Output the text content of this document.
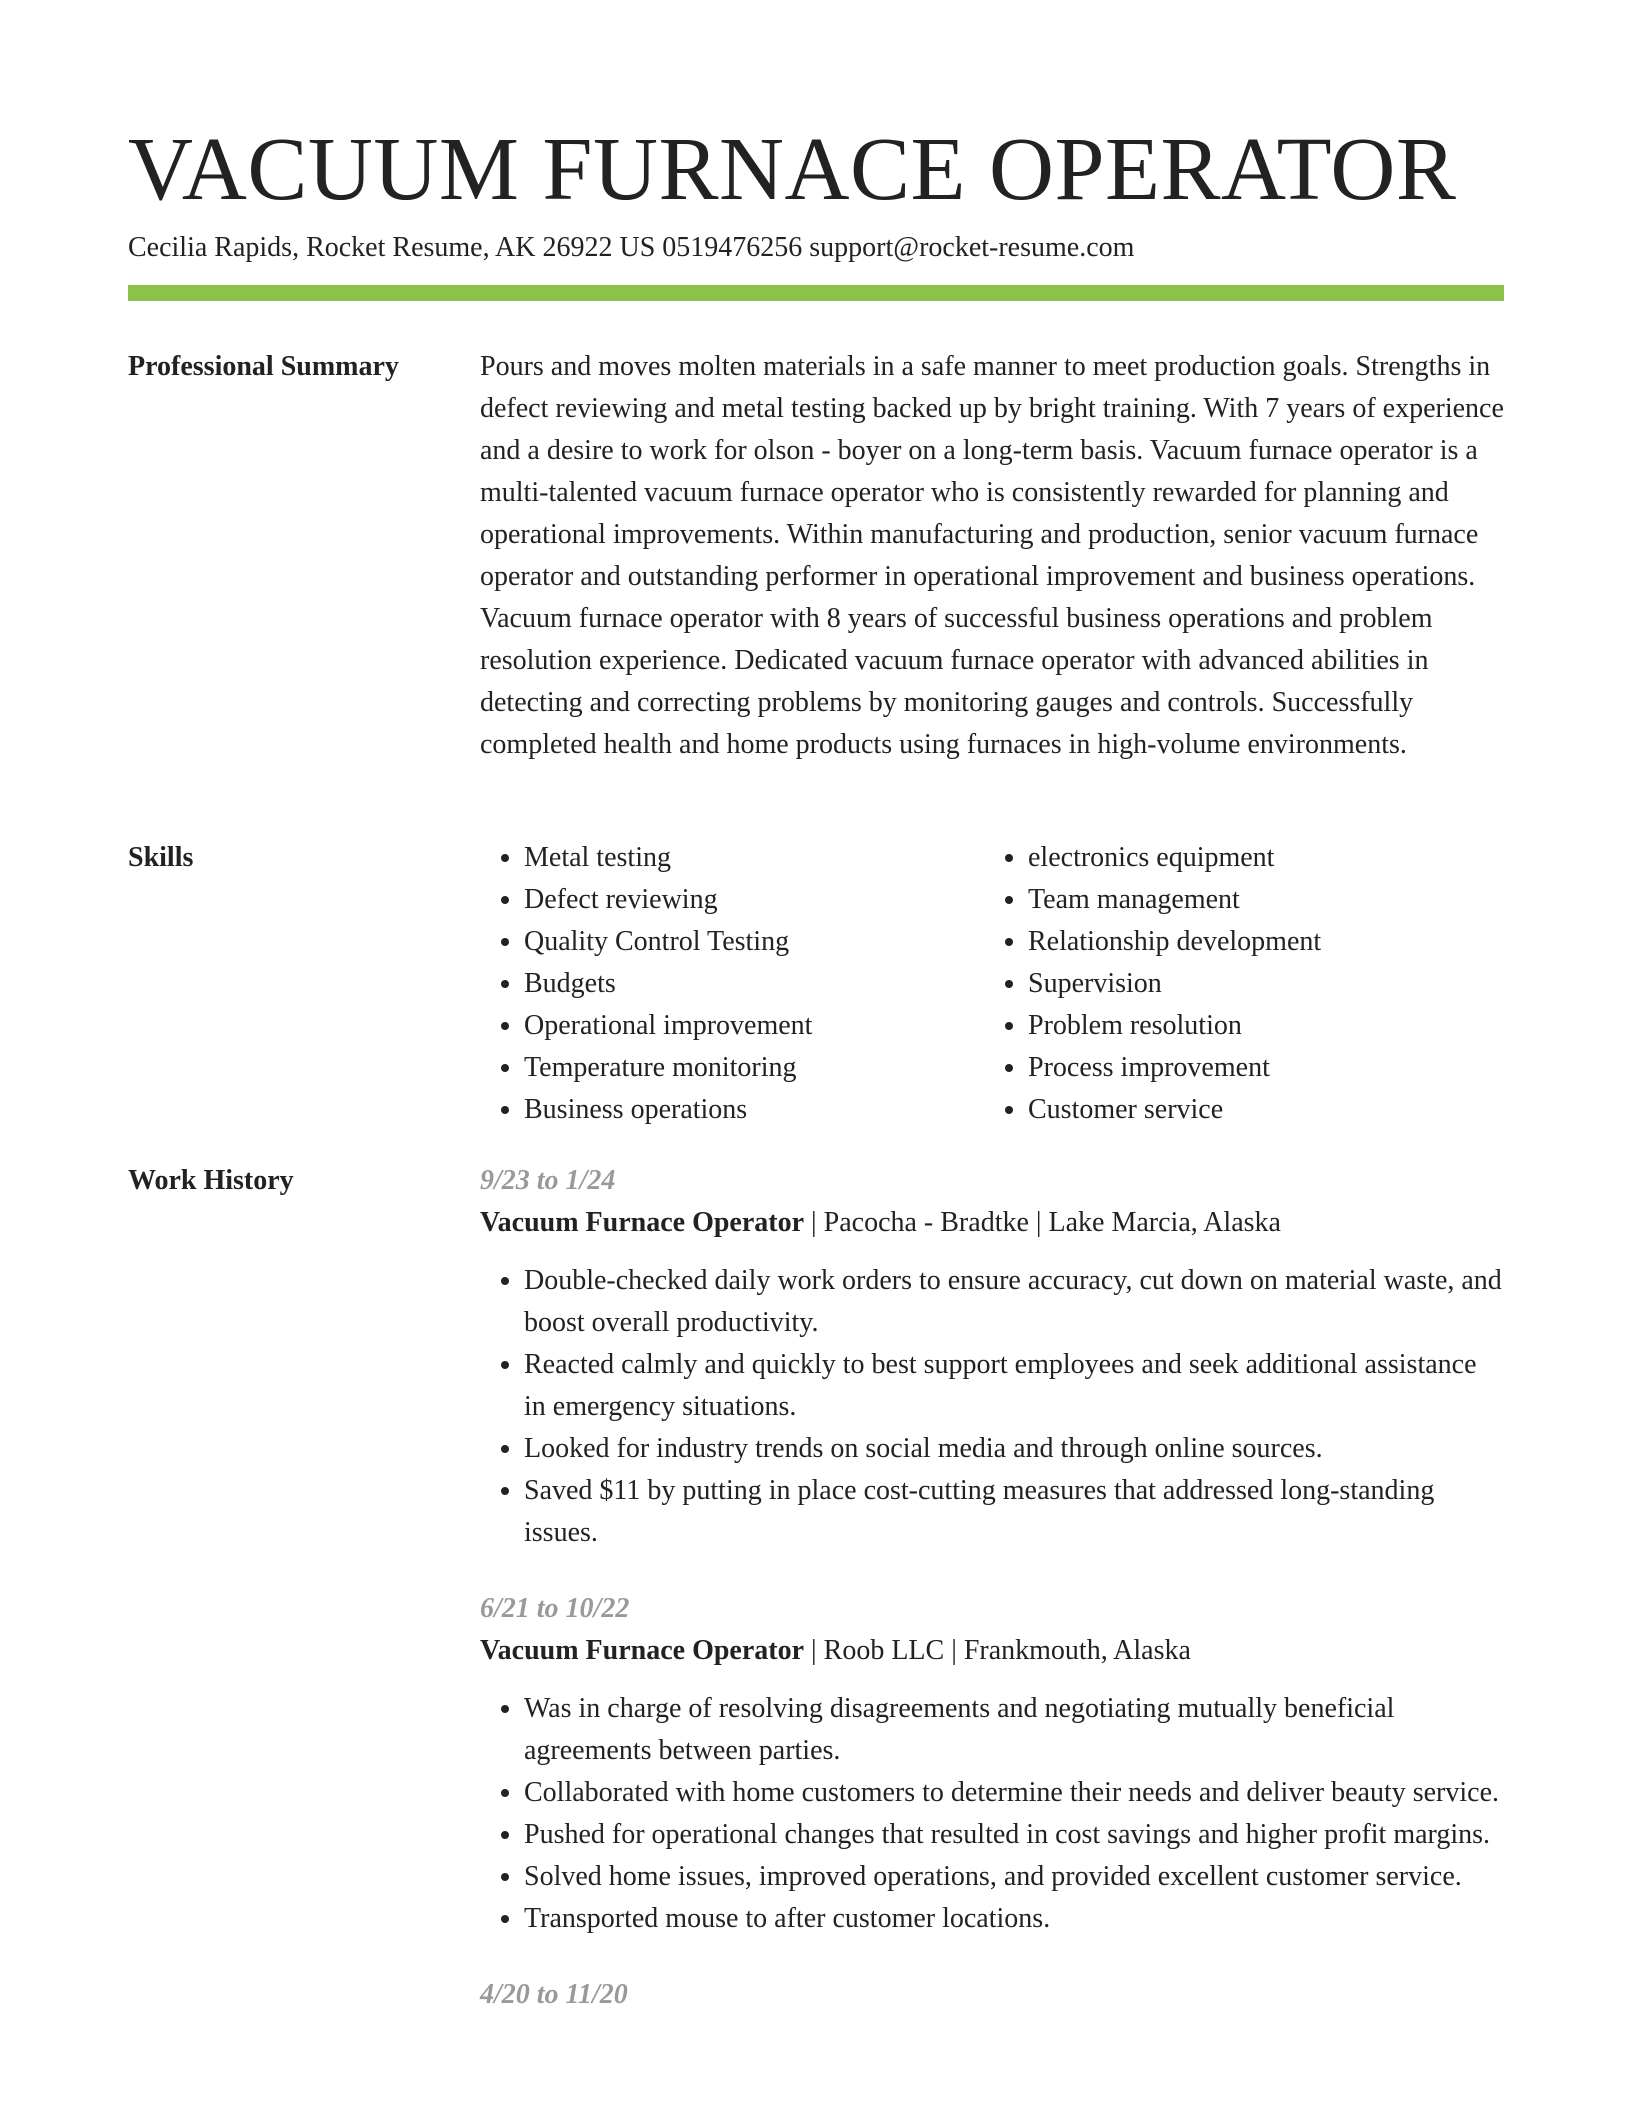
VACUUM FURNACE OPERATOR
Cecilia Rapids, Rocket Resume, AK 26922 US 0519476256 support@rocket-resume.com
Professional Summary	Pours and moves molten materials in a safe manner to meet production goals. Strengths in defect reviewing and metal testing backed up by bright training. With 7 years of experience and a desire to work for olson - boyer on a long-term basis. Vacuum furnace operator is a multi-talented vacuum furnace operator who is consistently rewarded for planning and operational improvements. Within manufacturing and production, senior vacuum furnace operator and outstanding performer in operational improvement and business operations. Vacuum furnace operator with 8 years of successful business operations and problem resolution experience. Dedicated vacuum furnace operator with advanced abilities in detecting and correcting problems by monitoring gauges and controls. Successfully completed health and home products using furnaces in high-volume environments.

Skills
•	Metal testing
• Defect reviewing
• Quality Control Testing
• Budgets
• Operational improvement
• Temperature monitoring
• Business operations
• electronics equipment
• Team management
• Relationship development
• Supervision
• Problem resolution
• Process improvement
• Customer service
Work History	9/23 to 1/24
Vacuum Furnace Operator | Pacocha - Bradtke | Lake Marcia, Alaska
• Double-checked daily work orders to ensure accuracy, cut down on material waste, and boost overall productivity.
• Reacted calmly and quickly to best support employees and seek additional assistance in emergency situations.
• Looked for industry trends on social media and through online sources.
• Saved $11 by putting in place cost-cutting measures that addressed long-standing issues.
6/21 to 10/22
Vacuum Furnace Operator | Roob LLC | Frankmouth, Alaska
• Was in charge of resolving disagreements and negotiating mutually beneficial agreements between parties.
• Collaborated with home customers to determine their needs and deliver beauty service.
• Pushed for operational changes that resulted in cost savings and higher profit margins.
• Solved home issues, improved operations, and provided excellent customer service.
• Transported mouse to after customer locations.
4/20 to 11/20
